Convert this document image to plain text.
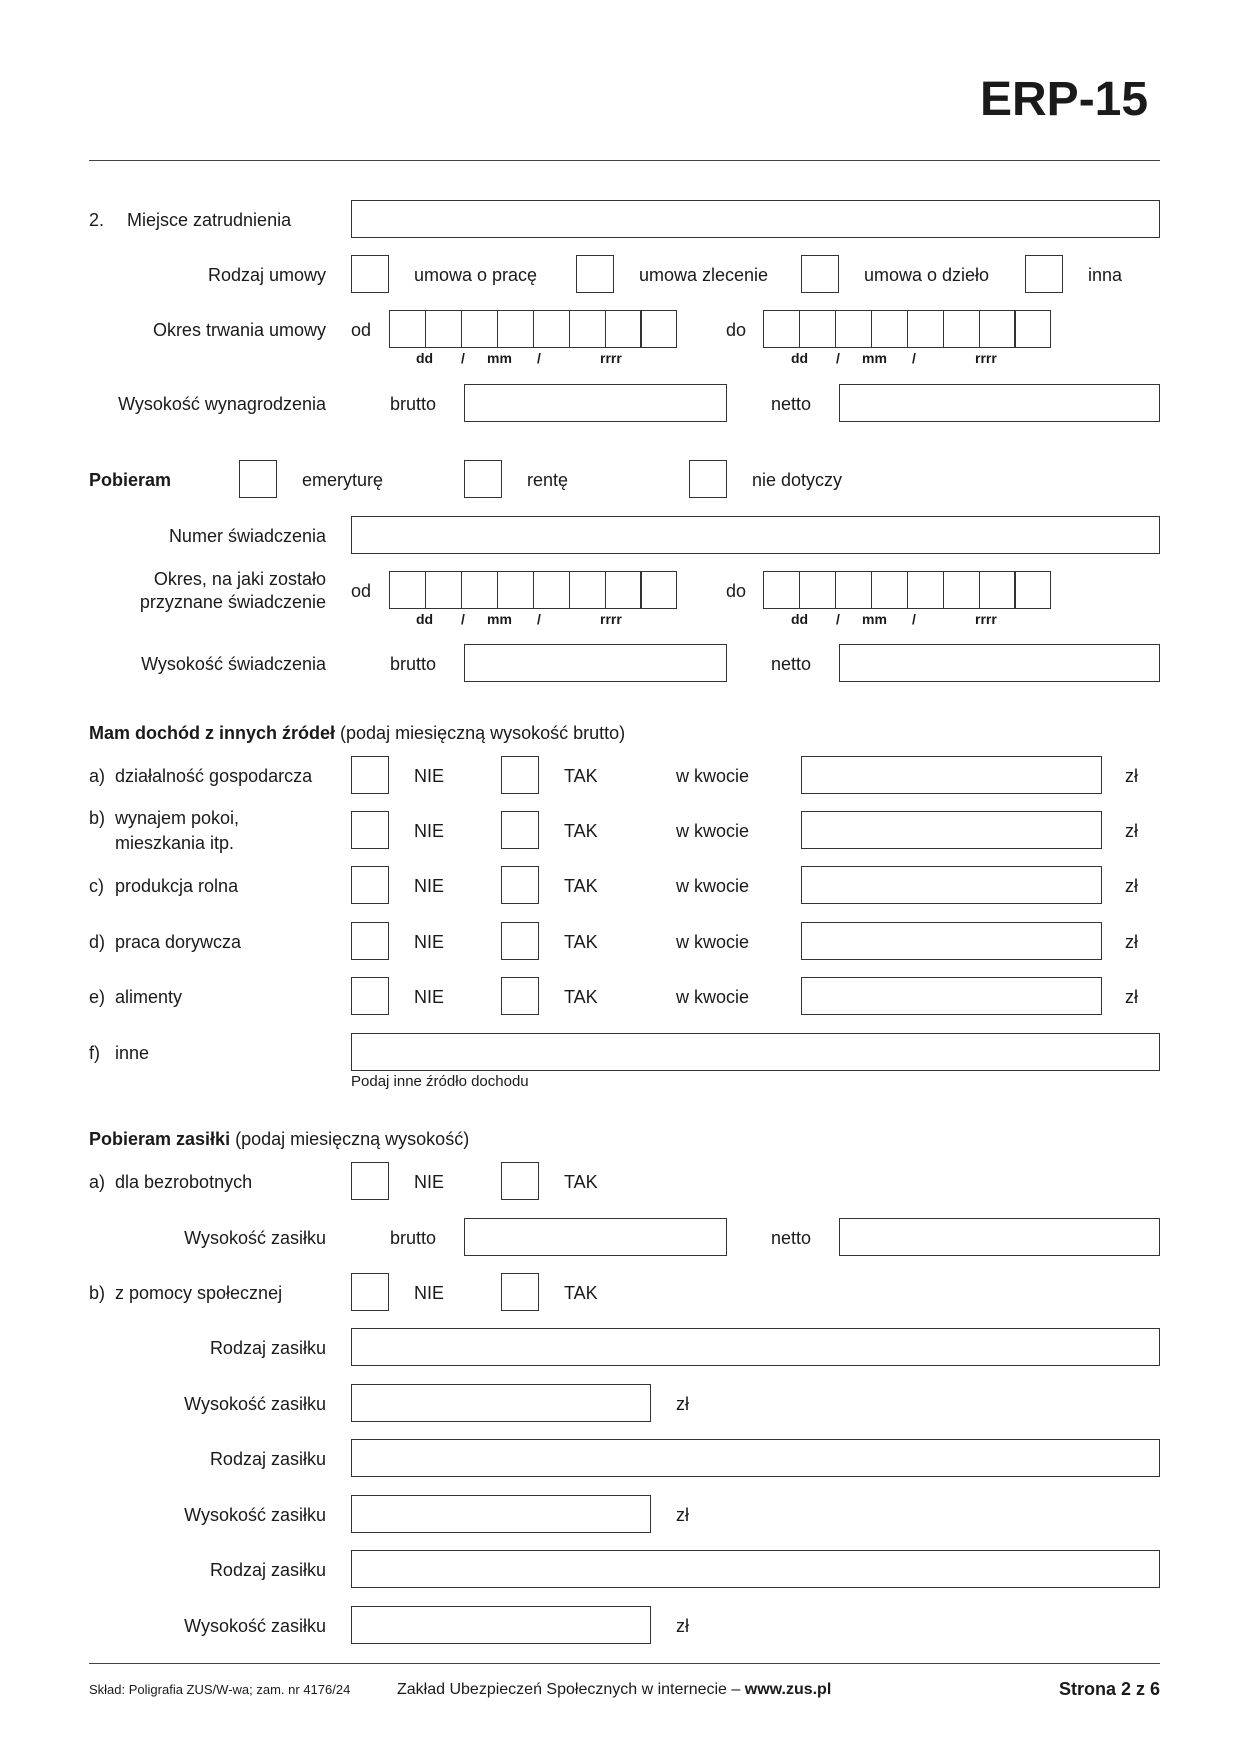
ERP-15
2. Miejsce zatrudnienia
Rodzaj umowy	umowa o pracę	umowa zlecenie	umowa o dzieło	inna
Okres trwania umowy od
dd / mm /	rrrr
do
dd / mm /	rrrr
Wysokość wynagrodzenia	brutto	netto
Pobieram	emeryturę	rentę	nie dotyczy
Numer świadczenia
Okres, na jaki zostało
przyznane świadczenie
od
dd / mm /	rrrr
do
dd / mm /	rrrr
Wysokość świadczenia	brutto	netto
Mam dochód z innych źródeł (podaj miesięczną wysokość brutto)
a) działalność gospodarcza	NIE	TAK	w kwocie	zł
b) wynajem pokoi,
mieszkania itp.
NIE	TAK	w kwocie	zł
c) produkcja rolna	NIE	TAK	w kwocie	zł
d) praca dorywcza	NIE	TAK	w kwocie	zł
e) alimenty	NIE	TAK	w kwocie	zł
f) inne
Podaj inne źródło dochodu
Pobieram zasiłki (podaj miesięczną wysokość)
a) dla bezrobotnych	NIE	TAK
Wysokość zasiłku	brutto	netto
b) z pomocy społecznej	NIE	TAK
Rodzaj zasiłku
Wysokość zasiłku	zł
Rodzaj zasiłku
Wysokość zasiłku	zł
Rodzaj zasiłku
Wysokość zasiłku	zł
Skład: Poligrafia ZUS/W-wa; zam. nr 4176/24	Zakład Ubezpieczeń Społecznych w internecie – www.zus.pl	Strona 2 z 6
